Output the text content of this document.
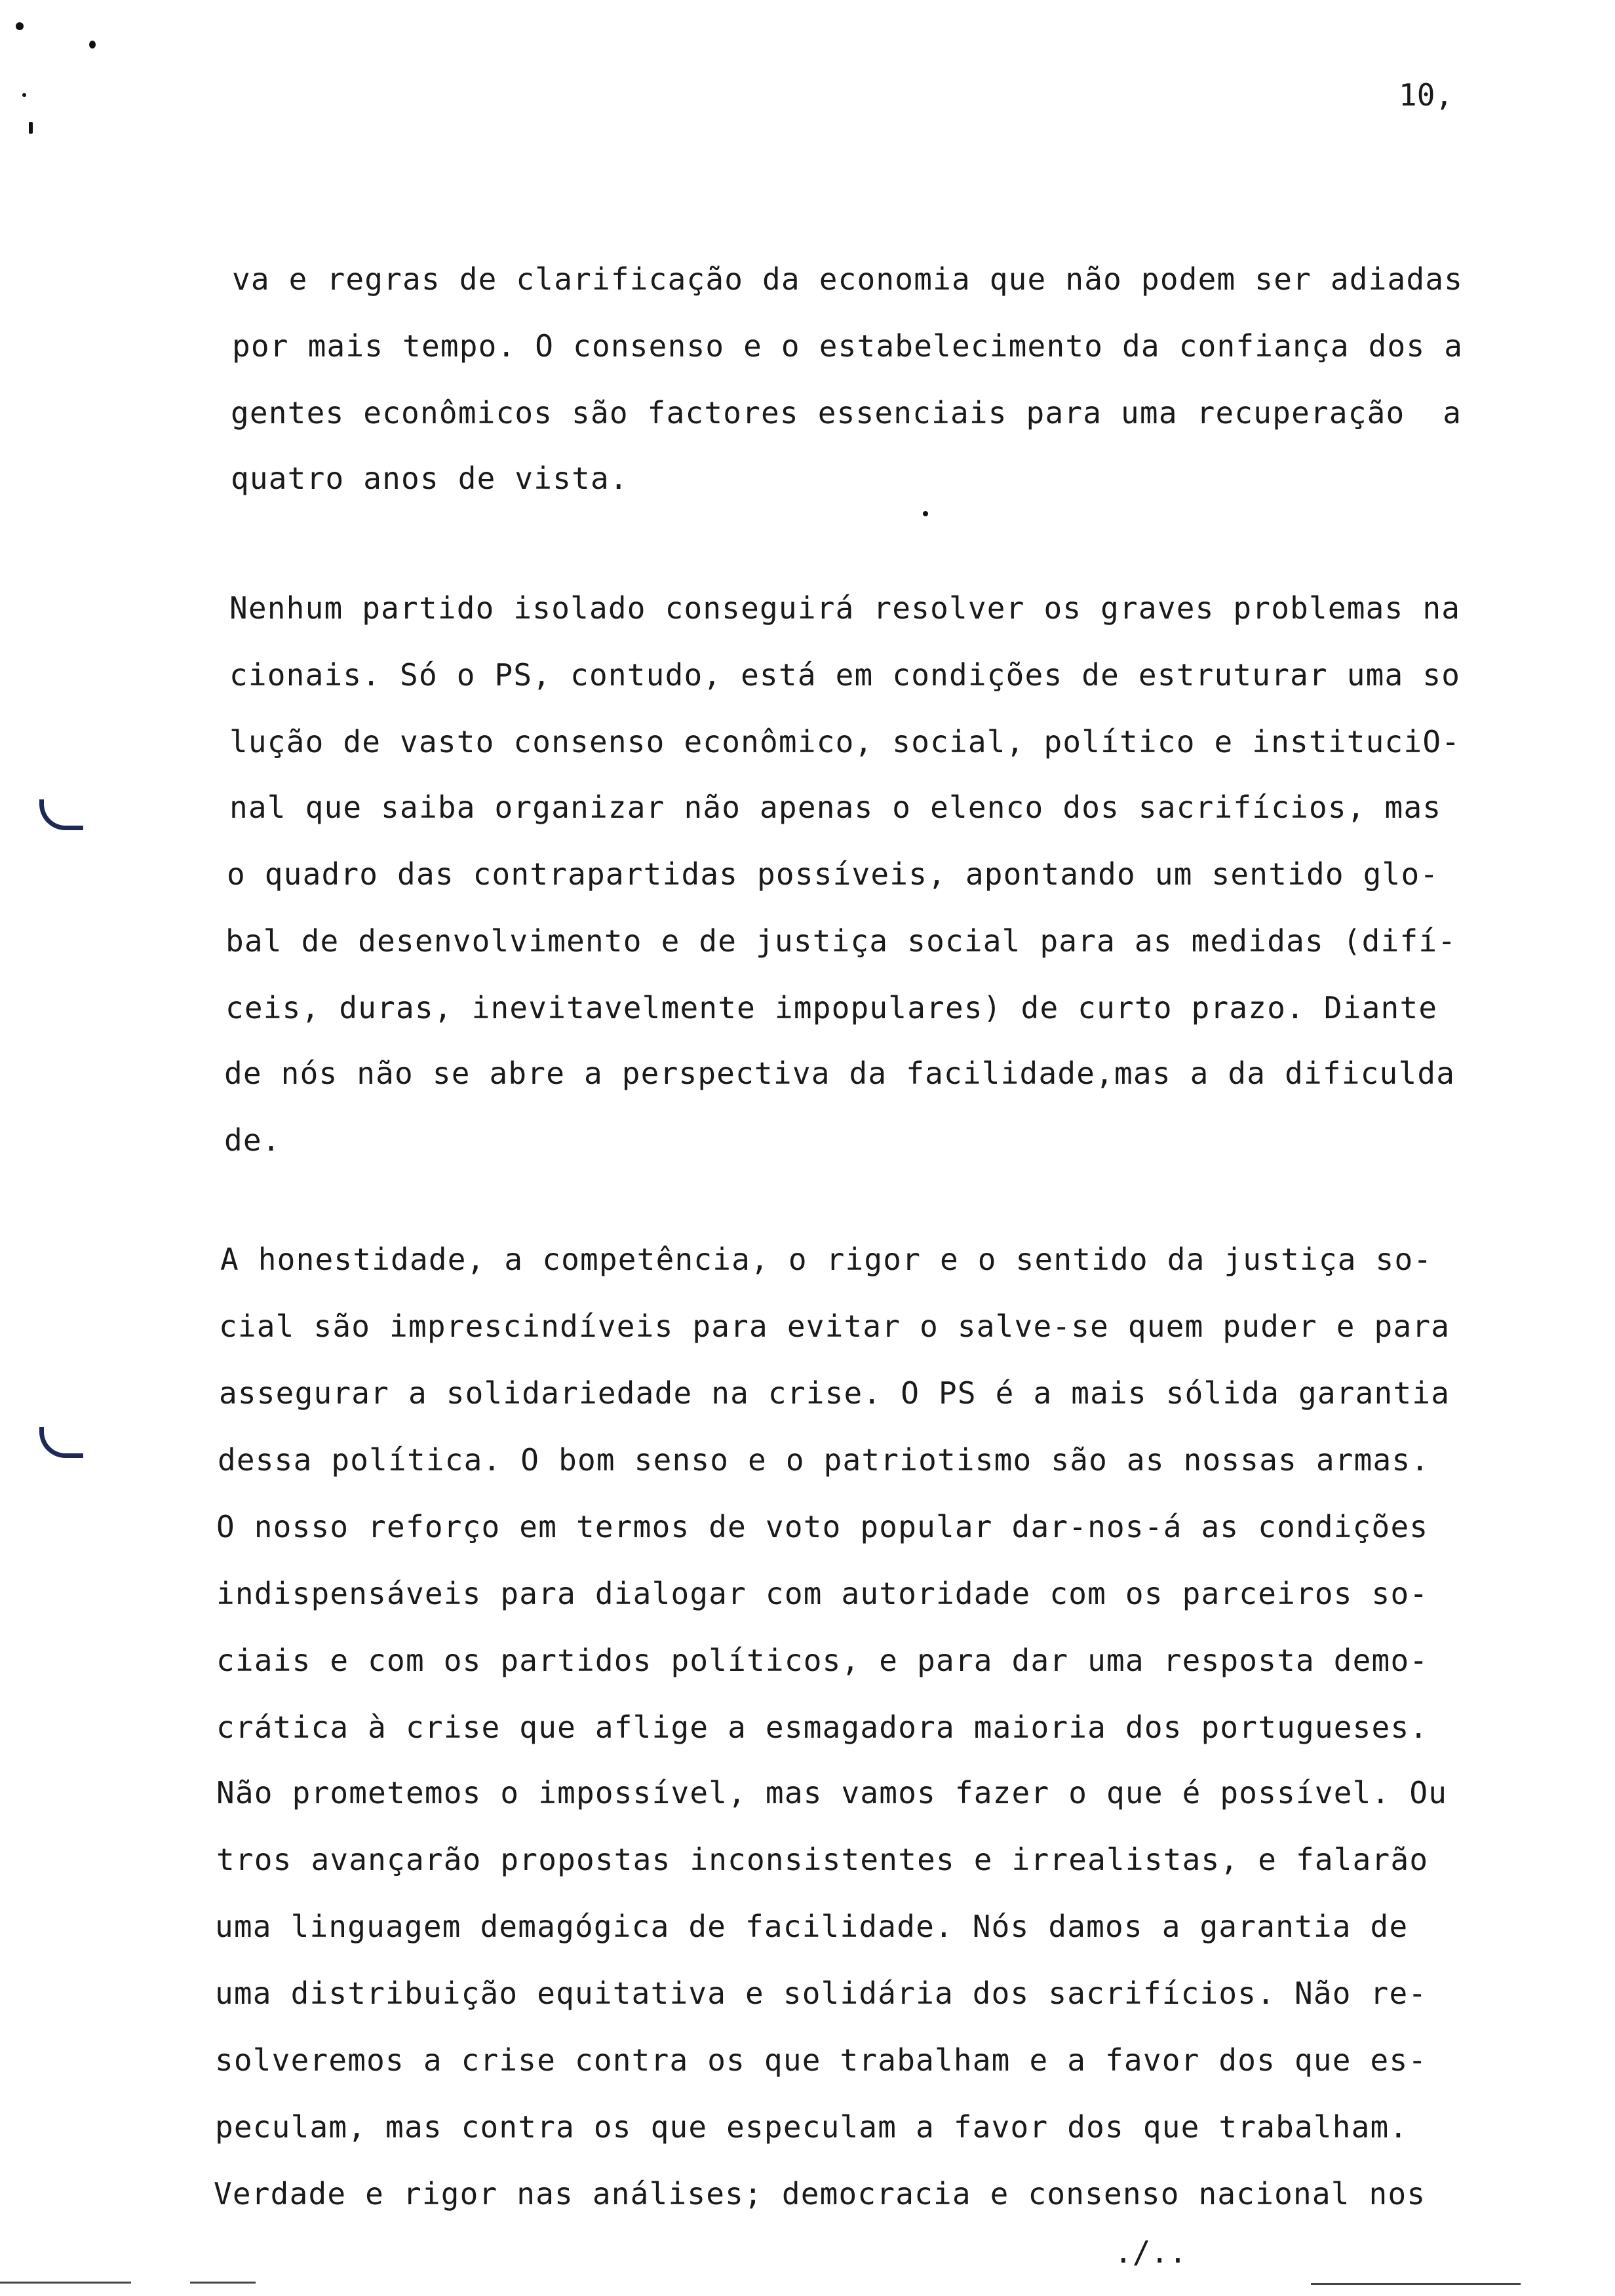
10,
va e regras de clarificação da economia que não podem ser adiadas
por mais tempo. O consenso e o estabelecimento da confiança dos a
gentes econômicos são factores essenciais para uma recuperação  a
quatro anos de vista.
Nenhum partido isolado conseguirá resolver os graves problemas na
cionais. Só o PS, contudo, está em condições de estruturar uma so
lução de vasto consenso econômico, social, político e instituciO-
nal que saiba organizar não apenas o elenco dos sacrifícios, mas
o quadro das contrapartidas possíveis, apontando um sentido glo-
bal de desenvolvimento e de justiça social para as medidas (difí-
ceis, duras, inevitavelmente impopulares) de curto prazo. Diante
de nós não se abre a perspectiva da facilidade,mas a da dificulda
de.
A honestidade, a competência, o rigor e o sentido da justiça so-
cial são imprescindíveis para evitar o salve-se quem puder e para
assegurar a solidariedade na crise. O PS é a mais sólida garantia
dessa política. O bom senso e o patriotismo são as nossas armas.
O nosso reforço em termos de voto popular dar-nos-á as condições
indispensáveis para dialogar com autoridade com os parceiros so-
ciais e com os partidos políticos, e para dar uma resposta demo-
crática à crise que aflige a esmagadora maioria dos portugueses.
Não prometemos o impossível, mas vamos fazer o que é possível. Ou
tros avançarão propostas inconsistentes e irrealistas, e falarão
uma linguagem demagógica de facilidade. Nós damos a garantia de
uma distribuição equitativa e solidária dos sacrifícios. Não re-
solveremos a crise contra os que trabalham e a favor dos que es-
peculam, mas contra os que especulam a favor dos que trabalham.
Verdade e rigor nas análises; democracia e consenso nacional nos
./..
